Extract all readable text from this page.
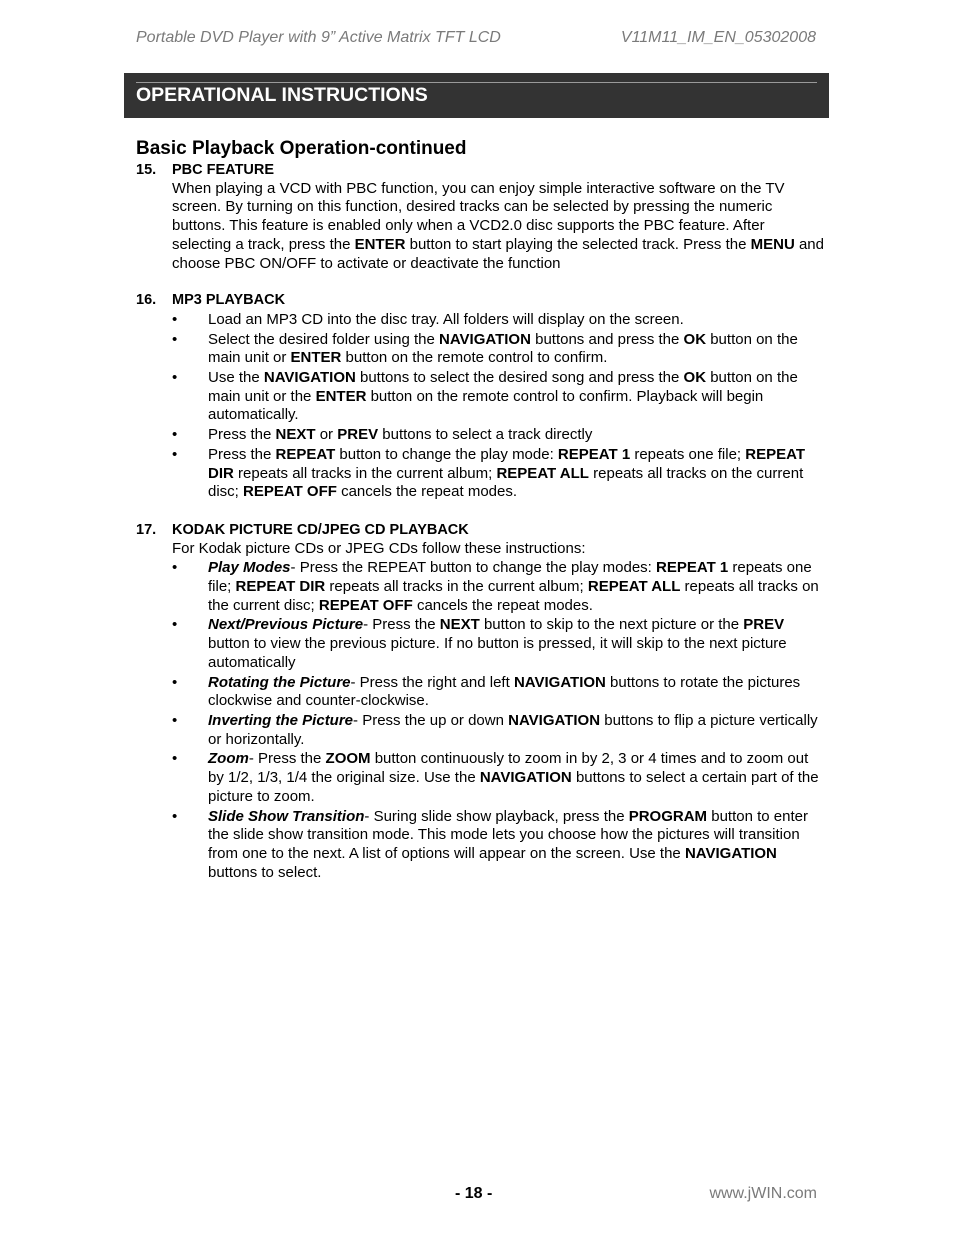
Portable DVD Player with 9” Active Matrix TFT LCD	V11M11_IM_EN_05302008
OPERATIONAL INSTRUCTIONS
Basic Playback Operation-continued
15.	PBC FEATURE
When playing a VCD with PBC function, you can enjoy simple interactive software on the TV screen. By turning on this function, desired tracks can be selected by pressing the numeric buttons. This feature is enabled only when a VCD2.0 disc supports the PBC feature. After selecting a track, press the ENTER button to start playing the selected track. Press the MENU and choose PBC ON/OFF to activate or deactivate the function
16.	MP3 PLAYBACK
• Load an MP3 CD into the disc tray. All folders will display on the screen.
• Select the desired folder using the NAVIGATION buttons and press the OK button on the main unit or ENTER button on the remote control to confirm.
• Use the NAVIGATION buttons to select the desired song and press the OK button on the main unit or the ENTER button on the remote control to confirm. Playback will begin automatically.
• Press the NEXT or PREV buttons to select a track directly
• Press the REPEAT button to change the play mode: REPEAT 1 repeats one file; REPEAT DIR repeats all tracks in the current album; REPEAT ALL repeats all tracks on the current disc; REPEAT OFF cancels the repeat modes.
17.	KODAK PICTURE CD/JPEG CD PLAYBACK
For Kodak picture CDs or JPEG CDs follow these instructions:
• Play Modes- Press the REPEAT button to change the play modes: REPEAT 1 repeats one file; REPEAT DIR repeats all tracks in the current album; REPEAT ALL repeats all tracks on the current disc; REPEAT OFF cancels the repeat modes.
• Next/Previous Picture- Press the NEXT button to skip to the next picture or the PREV button to view the previous picture. If no button is pressed, it will skip to the next picture automatically
• Rotating the Picture- Press the right and left NAVIGATION buttons to rotate the pictures clockwise and counter-clockwise.
• Inverting the Picture- Press the up or down NAVIGATION buttons to flip a picture vertically or horizontally.
• Zoom- Press the ZOOM button continuously to zoom in by 2, 3 or 4 times and to zoom out by 1/2, 1/3, 1/4 the original size. Use the NAVIGATION buttons to select a certain part of the picture to zoom.
• Slide Show Transition- Suring slide show playback, press the PROGRAM button to enter the slide show transition mode. This mode lets you choose how the pictures will transition from one to the next. A list of options will appear on the screen. Use the NAVIGATION buttons to select.
- 18 -	www.jWIN.com
